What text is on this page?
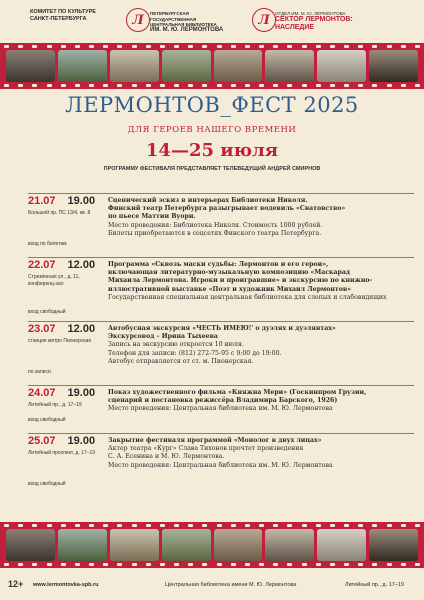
КОМИТЕТ ПО КУЛЬТУРЕ САНКТ-ПЕТЕРБУРГА	Л	ПЕТЕРБУРГСКАЯ ГОСУДАРСТВЕННАЯ ЦЕНТРАЛЬНАЯ БИБЛИОТЕКА
ИМ. М. Ю. ЛЕРМОНТОВА
Л	ОТДЕЛ ИМ. М. Ю. ЛЕРМОНТОВА
СЕКТОР ЛЕРМОНТОВ: НАСЛЕДИЕ
ЛЕРМОНТОВ_ФЕСТ 2025
ДЛЯ ГЕРОЕВ НАШЕГО ВРЕМЕНИ
14—25 июля
ПРОГРАММУ ФЕСТИВАЛЯ ПРЕДСТАВЛЯЕТ ТЕЛЕВЕДУЩИЙ АНДРЕЙ СМИРНОВ
21.07 19.00
Большой пр. ПС 13/4, кв. 8
вход по билетам
Сценический эскиз в интерьерах Библиотеки Николя.
Финский театр Петербурга разыгрывает водевиль «Сватовство»
по пьесе Маттии Вуори.
Место проведения: Библиотека Николя. Стоимость 1000 рублей.
Билеты приобретаются в соцсетях Финского театра Петербурга.
22.07 12.00
Стремянная ул., д. 11, конференц-зал
вход свободный
Программа «Сквозь маски судьбы: Лермонтов и его герои»,
включающая литературно-музыкальную композицию «Маскарад
Михаила Лермонтова. Игроки и проигравшие» и экскурсию по книжно-
иллюстративной выставке «Поэт и художник Михаил Лермонтов»
Государственная специальная центральная библиотека для слепых и слабовидящих
23.07 12.00
станция метро Пионерская
по записи
Автобусная экскурсия «ЧЕСТЬ ИМЕЮ!' о дуэлях и дуэлянтах»
Экскурсовод – Ирина Тыхеева
Запись на экскурсию откроется 10 июля.
Телефон для записи: (812) 272-75-95 с 9:00 до 19:00.
Автобус отправляется от ст. м. Пионерская.
24.07 19.00
Литейный пр., д. 17–19
вход свободный
Показ художественного фильма «Княжна Мери» (Госкинпром Грузии,
сценарий и постановка режиссёра Владимира Барского, 1926)
Место проведения: Центральная библиотека им. М. Ю. Лермонтова
25.07 19.00
Литейный проспект, д. 17–19
вход свободный
Закрытие фестиваля программой «Монолог в двух лицах»
Актер театра «Кург» Слава Тихонов прочтет произведения
С. А. Есенина и М. Ю. Лермонтова.
Место проведения: Центральная библиотека им. М. Ю. Лермонтова
12+ www.lermontovka-spb.ru	Центральная библиотека имени М. Ю. Лермонтова	Литейный пр., д. 17–19
